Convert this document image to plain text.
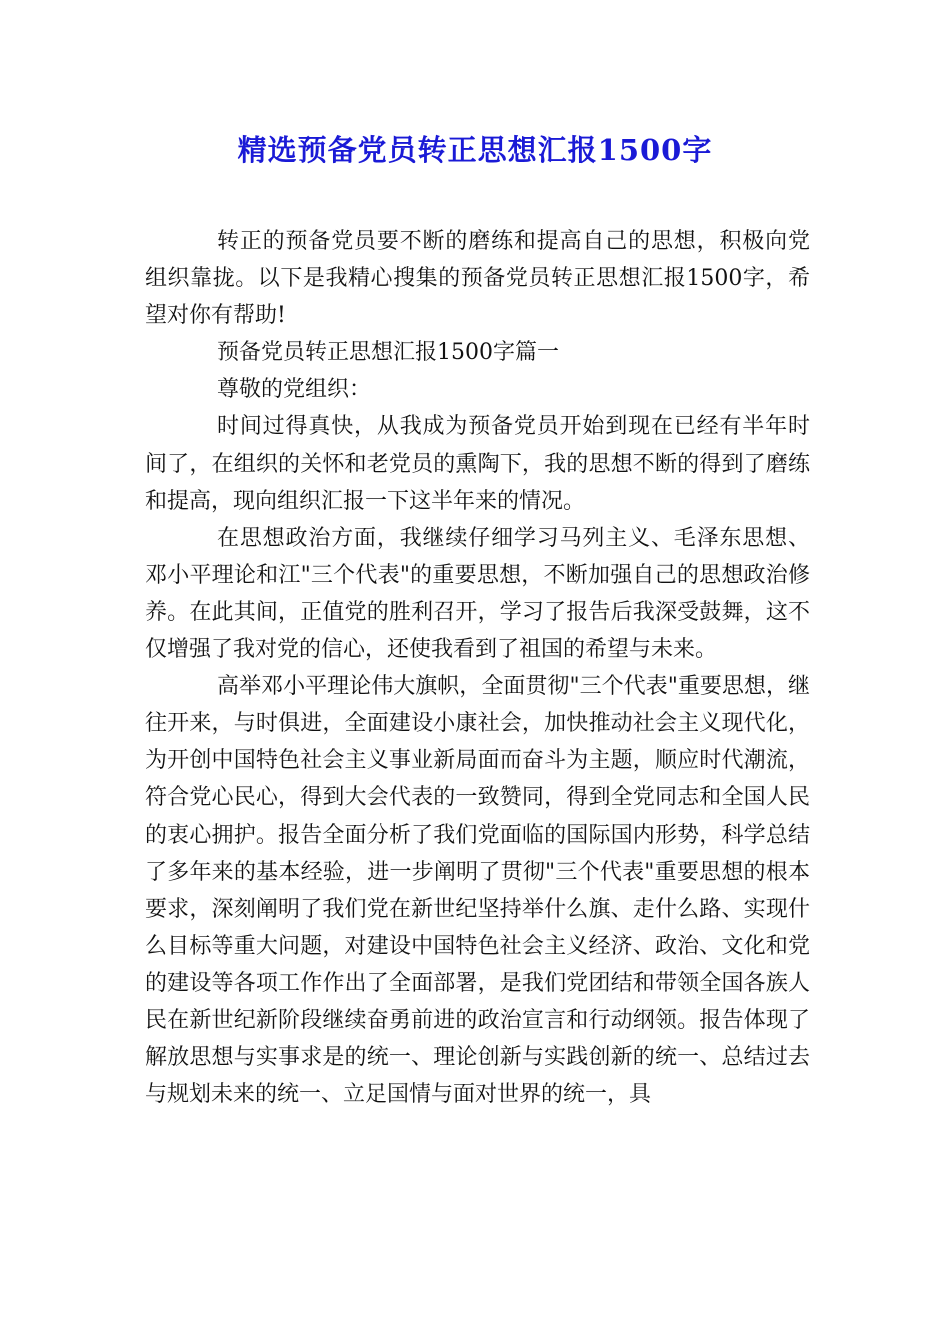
精选预备党员转正思想汇报1500字

转正的预备党员要不断的磨练和提高自己的思想，积极向党组织靠拢。以下是我精心搜集的预备党员转正思想汇报1500字，希望对你有帮助!

预备党员转正思想汇报1500字篇一

尊敬的党组织：

时间过得真快，从我成为预备党员开始到现在已经有半年时间了，在组织的关怀和老党员的熏陶下，我的思想不断的得到了磨练和提高，现向组织汇报一下这半年来的情况。

在思想政治方面，我继续仔细学习马列主义、毛泽东思想、邓小平理论和江"三个代表"的重要思想，不断加强自己的思想政治修养。在此其间，正值党的胜利召开，学习了报告后我深受鼓舞，这不仅增强了我对党的信心，还使我看到了祖国的希望与未来。

高举邓小平理论伟大旗帜，全面贯彻"三个代表"重要思想，继往开来，与时俱进，全面建设小康社会，加快推动社会主义现代化，为开创中国特色社会主义事业新局面而奋斗为主题，顺应时代潮流，符合党心民心，得到大会代表的一致赞同，得到全党同志和全国人民的衷心拥护。报告全面分析了我们党面临的国际国内形势，科学总结了多年来的基本经验，进一步阐明了贯彻"三个代表"重要思想的根本要求，深刻阐明了我们党在新世纪坚持举什么旗、走什么路、实现什么目标等重大问题，对建设中国特色社会主义经济、政治、文化和党的建设等各项工作作出了全面部署，是我们党团结和带领全国各族人民在新世纪新阶段继续奋勇前进的政治宣言和行动纲领。报告体现了解放思想与实事求是的统一、理论创新与实践创新的统一、总结过去与规划未来的统一、立足国情与面对世界的统一，具
